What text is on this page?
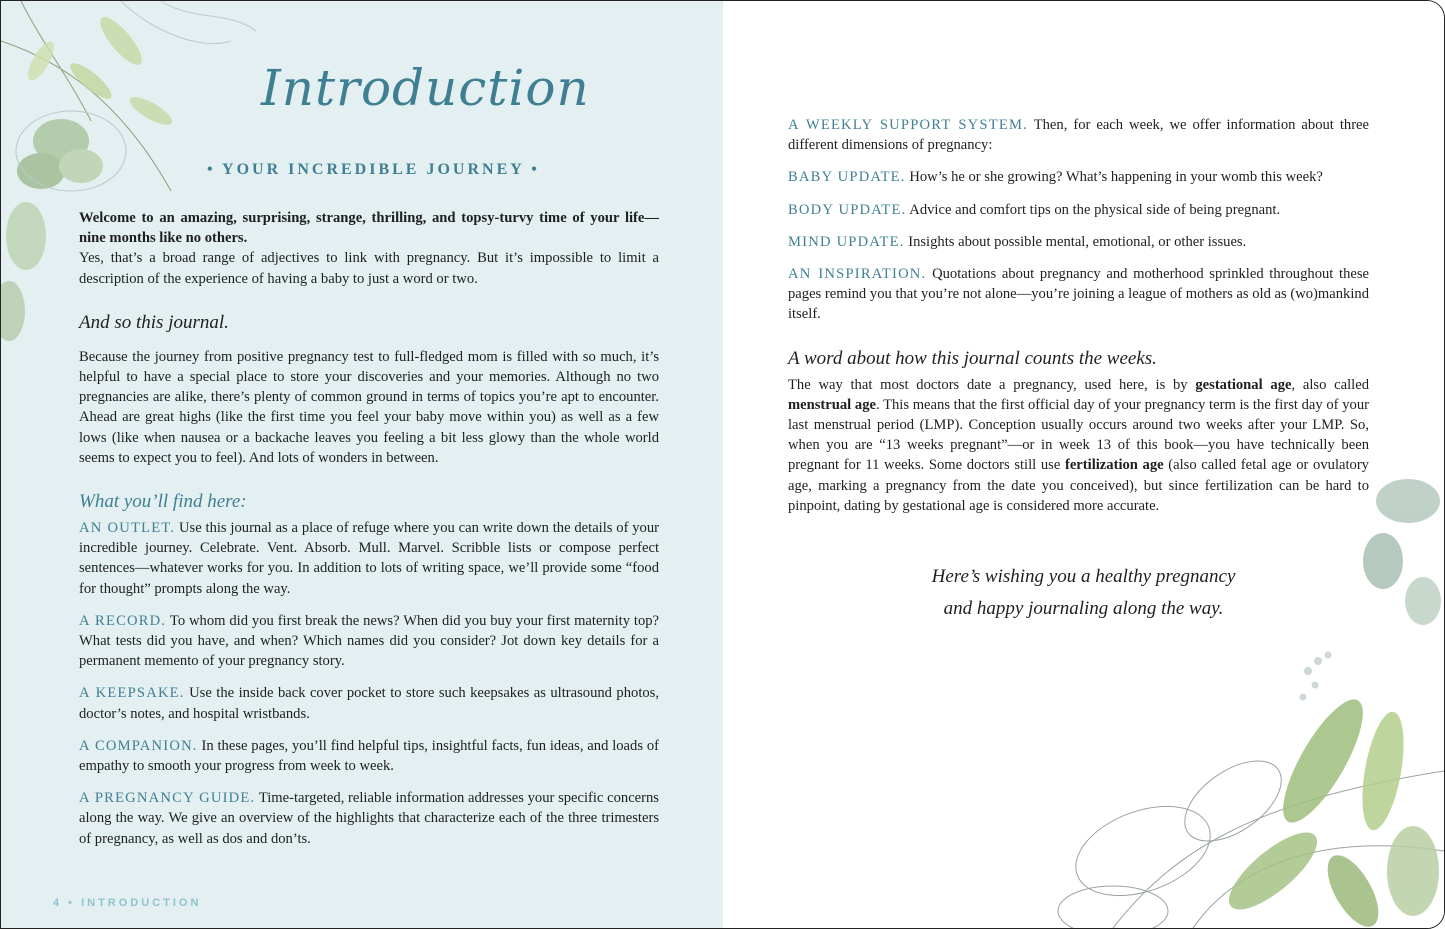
Introduction
• YOUR INCREDIBLE JOURNEY •

Welcome to an amazing, surprising, strange, thrilling, and topsy-turvy time of your life—nine months like no others.

Yes, that’s a broad range of adjectives to link with pregnancy. But it’s impossible to limit a description of the experience of having a baby to just a word or two.

And so this journal.

Because the journey from positive pregnancy test to full-fledged mom is filled with so much, it’s helpful to have a special place to store your discoveries and your memories. Although no two pregnancies are alike, there’s plenty of common ground in terms of topics you’re apt to encounter. Ahead are great highs (like the first time you feel your baby move within you) as well as a few lows (like when nausea or a backache leaves you feeling a bit less glowy than the whole world seems to expect you to feel). And lots of wonders in between.

What you’ll find here:

AN OUTLET. Use this journal as a place of refuge where you can write down the details of your incredible journey. Celebrate. Vent. Absorb. Mull. Marvel. Scribble lists or compose perfect sentences—whatever works for you. In addition to lots of writing space, we’ll provide some “food for thought” prompts along the way.

A RECORD. To whom did you first break the news? When did you buy your first maternity top? What tests did you have, and when? Which names did you consider? Jot down key details for a permanent memento of your pregnancy story.

A KEEPSAKE. Use the inside back cover pocket to store such keepsakes as ultrasound photos, doctor’s notes, and hospital wristbands.

A COMPANION. In these pages, you’ll find helpful tips, insightful facts, fun ideas, and loads of empathy to smooth your progress from week to week.

A PREGNANCY GUIDE. Time-targeted, reliable information addresses your specific concerns along the way. We give an overview of the highlights that characterize each of the three trimesters of pregnancy, as well as dos and don’ts.

4 • INTRODUCTION

A WEEKLY SUPPORT SYSTEM. Then, for each week, we offer information about three different dimensions of pregnancy:

BABY UPDATE. How’s he or she growing? What’s happening in your womb this week?

BODY UPDATE. Advice and comfort tips on the physical side of being pregnant.

MIND UPDATE. Insights about possible mental, emotional, or other issues.

AN INSPIRATION. Quotations about pregnancy and motherhood sprinkled throughout these pages remind you that you’re not alone—you’re joining a league of mothers as old as (wo)mankind itself.

A word about how this journal counts the weeks.

The way that most doctors date a pregnancy, used here, is by gestational age, also called menstrual age. This means that the first official day of your pregnancy term is the first day of your last menstrual period (LMP). Conception usually occurs around two weeks after your LMP. So, when you are “13 weeks pregnant”—or in week 13 of this book—you have technically been pregnant for 11 weeks. Some doctors still use fertilization age (also called fetal age or ovulatory age, marking a pregnancy from the date you conceived), but since fertilization can be hard to pinpoint, dating by gestational age is considered more accurate.

Here’s wishing you a healthy pregnancy
and happy journaling along the way.
